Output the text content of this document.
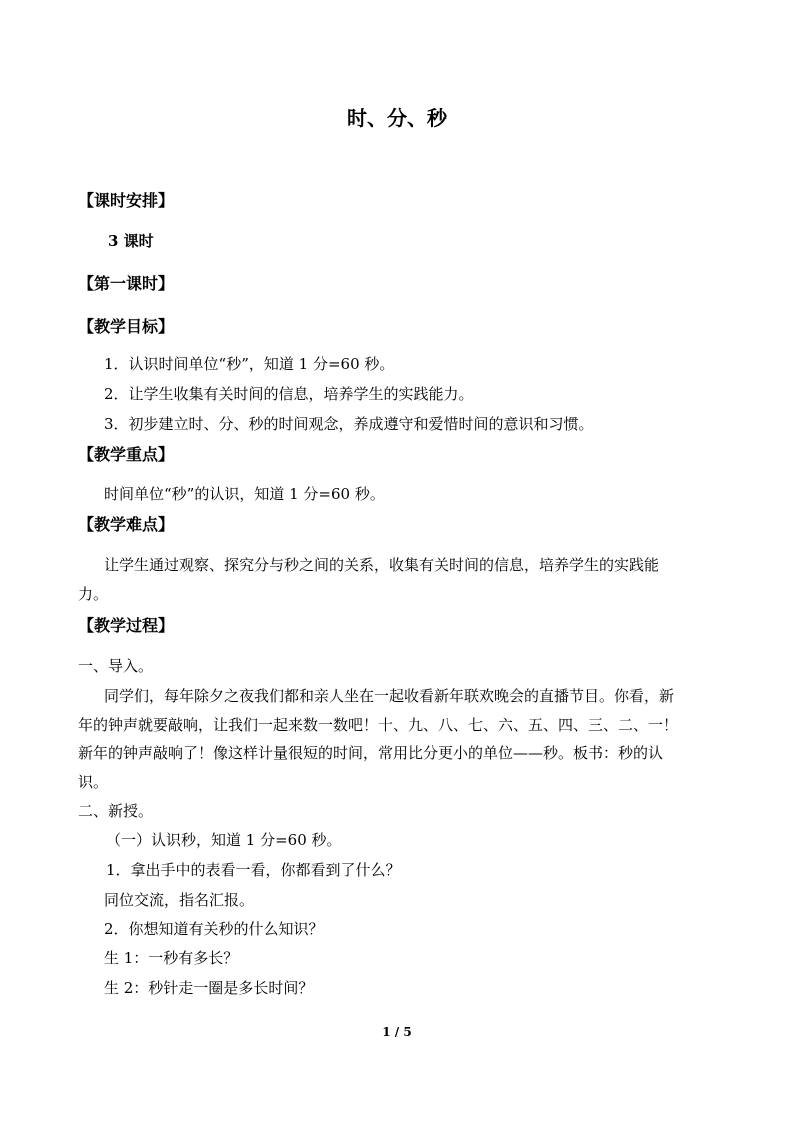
时、分、秒
【课时安排】
3 课时
【第一课时】
【教学目标】
1．认识时间单位“秒”，知道 1 分=60 秒。
2．让学生收集有关时间的信息，培养学生的实践能力。
3．初步建立时、分、秒的时间观念，养成遵守和爱惜时间的意识和习惯。
【教学重点】
时间单位“秒”的认识，知道 1 分=60 秒。
【教学难点】
让学生通过观察、探究分与秒之间的关系，收集有关时间的信息，培养学生的实践能
力。
【教学过程】
一、导入。
同学们，每年除夕之夜我们都和亲人坐在一起收看新年联欢晚会的直播节目。你看，新
年的钟声就要敲响，让我们一起来数一数吧！十、九、八、七、六、五、四、三、二、一！
新年的钟声敲响了！像这样计量很短的时间，常用比分更小的单位——秒。板书：秒的认
识。
二、新授。
（一）认识秒，知道 1 分=60 秒。
1．拿出手中的表看一看，你都看到了什么？
同位交流，指名汇报。
2．你想知道有关秒的什么知识？
生 1：一秒有多长？
生 2：秒针走一圈是多长时间？
1 / 5
